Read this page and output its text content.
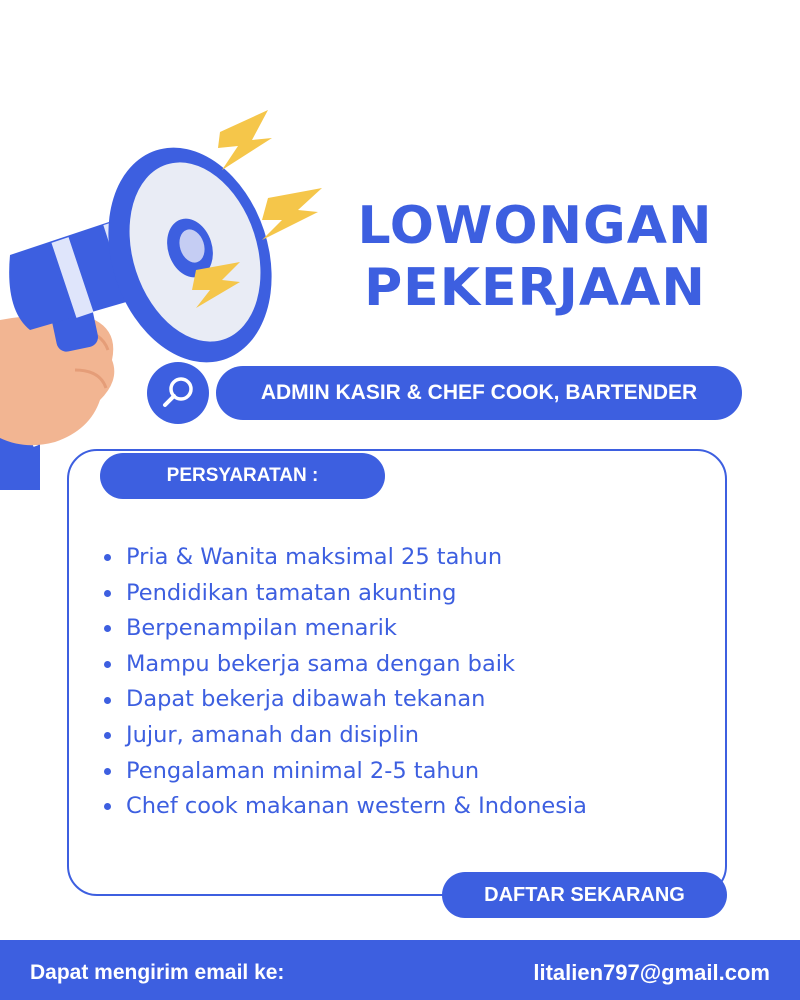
LOWONGAN
PEKERJAAN
ADMIN KASIR & CHEF COOK, BARTENDER
PERSYARATAN :
Pria & Wanita maksimal 25 tahun
Pendidikan tamatan akunting
Berpenampilan menarik
Mampu bekerja sama dengan baik
Dapat bekerja dibawah tekanan
Jujur, amanah dan disiplin
Pengalaman minimal 2-5 tahun
Chef cook makanan western & Indonesia
DAFTAR SEKARANG
Dapat mengirim email ke:	litalien797@gmail.com
